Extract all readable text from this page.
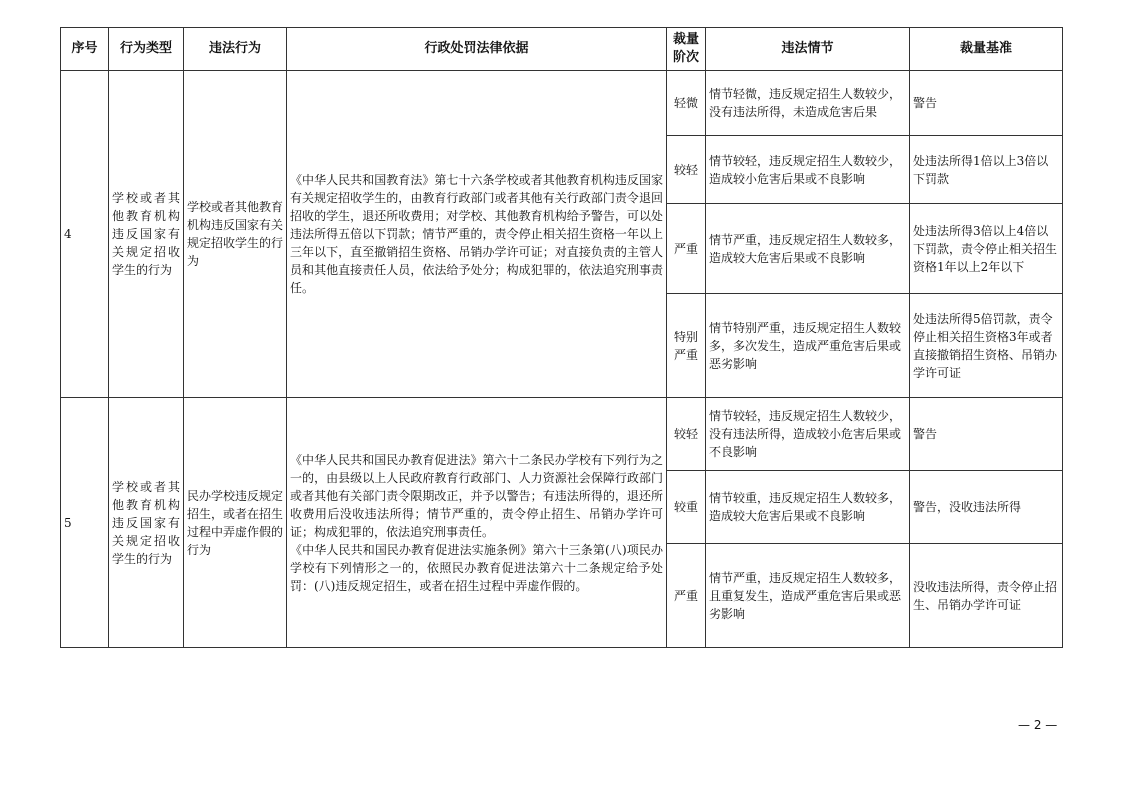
序号	行为类型	违法行为	行政处罚法律依据	裁量阶次	违法情节	裁量基准
4	学校或者其他教育机构违反国家有关规定招收学生的行为	学校或者其他教育机构违反国家有关规定招收学生的行为	《中华人民共和国教育法》第七十六条学校或者其他教育机构违反国家有关规定招收学生的，由教育行政部门或者其他有关行政部门责令退回招收的学生，退还所收费用；对学校、其他教育机构给予警告，可以处违法所得五倍以下罚款；情节严重的，责令停止相关招生资格一年以上三年以下，直至撤销招生资格、吊销办学许可证；对直接负责的主管人员和其他直接责任人员，依法给予处分；构成犯罪的，依法追究刑事责任。	轻微	情节轻微，违反规定招生人数较少，没有违法所得，未造成危害后果	警告
				较轻	情节较轻，违反规定招生人数较少，造成较小危害后果或不良影响	处违法所得1倍以上3倍以下罚款
				严重	情节严重，违反规定招生人数较多，造成较大危害后果或不良影响	处违法所得3倍以上4倍以下罚款，责令停止相关招生资格1年以上2年以下
				特别严重	情节特别严重，违反规定招生人数较多，多次发生，造成严重危害后果或恶劣影响	处违法所得5倍罚款，责令停止相关招生资格3年或者直接撤销招生资格、吊销办学许可证
5	学校或者其他教育机构违反国家有关规定招收学生的行为	民办学校违反规定招生，或者在招生过程中弄虚作假的行为	《中华人民共和国民办教育促进法》第六十二条民办学校有下列行为之一的，由县级以上人民政府教育行政部门、人力资源社会保障行政部门或者其他有关部门责令限期改正，并予以警告；有违法所得的，退还所收费用后没收违法所得；情节严重的，责令停止招生、吊销办学许可证；构成犯罪的，依法追究刑事责任。
《中华人民共和国民办教育促进法实施条例》第六十三条第(八)项民办学校有下列情形之一的，依照民办教育促进法第六十二条规定给予处罚：(八)违反规定招生，或者在招生过程中弄虚作假的。	较轻	情节较轻，违反规定招生人数较少，没有违法所得，造成较小危害后果或不良影响	警告
				较重	情节较重，违反规定招生人数较多，造成较大危害后果或不良影响	警告，没收违法所得
				严重	情节严重，违反规定招生人数较多，且重复发生，造成严重危害后果或恶劣影响	没收违法所得，责令停止招生、吊销办学许可证
— 2 —
